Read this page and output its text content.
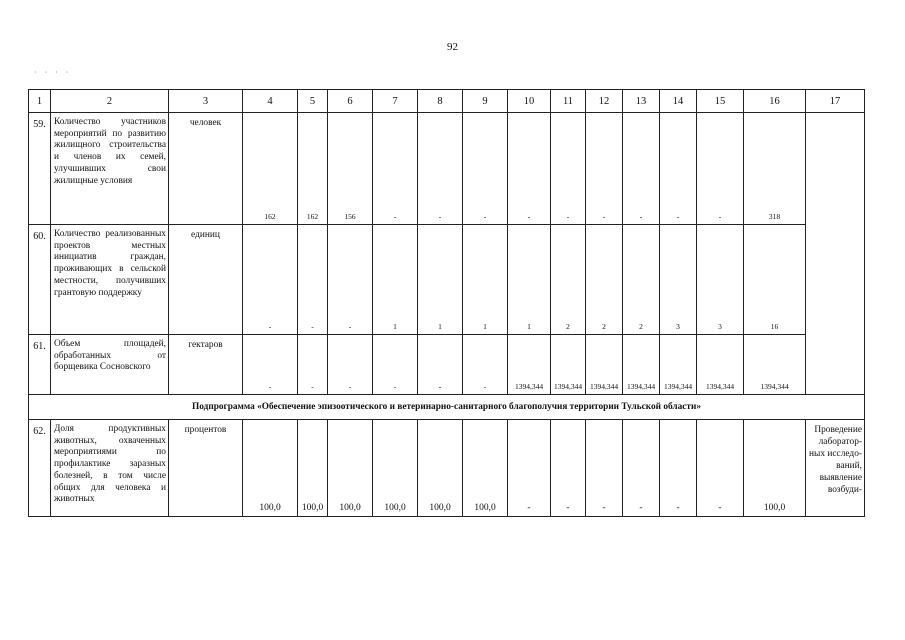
92
· ‧ · ‧
1	2	3	4	5	6	7	8	9	10	11	12	13	14	15	16	17
59.	Количество участников мероприятий по развитию жилищного строительства и членов их семей, улучшивших свои жилищные условия	человек	162	162	156	-	-	-	-	-	-	-	-	-	318	
60.	Количество реализованных проектов местных инициатив граждан, проживающих в сельской местности, получивших грантовую поддержку	единиц	-	-	-	1	1	1	1	2	2	2	3	3	16	
61.	Объем площадей, обработанных от борщевика Сосновского	гектаров	-	-	-	-	-	-	1394,344	1394,344	1394,344	1394,344	1394,344	1394,344	1394,344	
Подпрограмма «Обеспечение эпизоотического и ветеринарно-санитарного благополучия территории Тульской области»																
62.	Доля продуктивных животных, охваченных мероприятиями по профилактике заразных болезней, в том числе общих для человека и животных	процентов	100,0	100,0	100,0	100,0	100,0	100,0	-	-	-	-	-	-	100,0	Проведение лаборатор-ных исследо-ваний, выявление возбуди-
